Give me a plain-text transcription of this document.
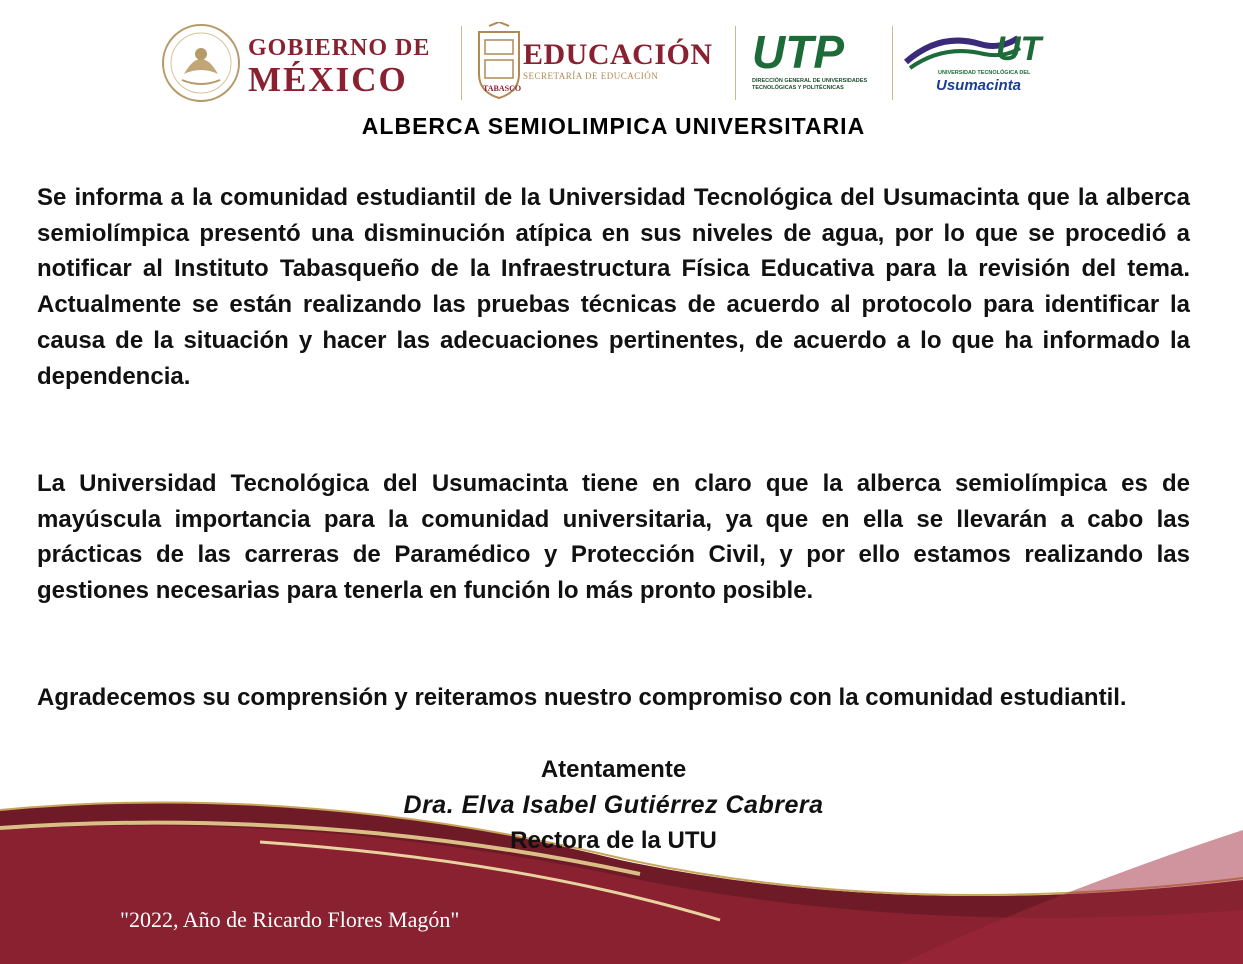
GOBIERNO DE
MÉXICO
EDUCACIÓN
SECRETARÍA DE EDUCACIÓN
TABASCO
UTP
DIRECCIÓN GENERAL DE UNIVERSIDADES TECNOLÓGICAS Y POLITÉCNICAS
UT
UNIVERSIDAD TECNOLÓGICA DEL
Usumacinta
ALBERCA SEMIOLIMPICA UNIVERSITARIA

Se informa a la comunidad estudiantil de la Universidad Tecnológica del Usumacinta que la alberca semiolímpica presentó una disminución atípica en sus niveles de agua, por lo que se procedió a notificar al Instituto Tabasqueño de la Infraestructura Física Educativa para la revisión del tema. Actualmente se están realizando las pruebas técnicas de acuerdo al protocolo para identificar la causa de la situación y hacer las adecuaciones pertinentes, de acuerdo a lo que ha informado la dependencia.

La Universidad Tecnológica del Usumacinta tiene en claro que la alberca semiolímpica es de mayúscula importancia para la comunidad universitaria, ya que en ella se llevarán a cabo las prácticas de las carreras de Paramédico y Protección Civil, y por ello estamos realizando las gestiones necesarias para tenerla en función lo más pronto posible.

Agradecemos su comprensión y reiteramos nuestro compromiso con la comunidad estudiantil.

Atentamente
Dra. Elva Isabel Gutiérrez Cabrera
Rectora de la UTU
"2022, Año de Ricardo Flores Magón"
